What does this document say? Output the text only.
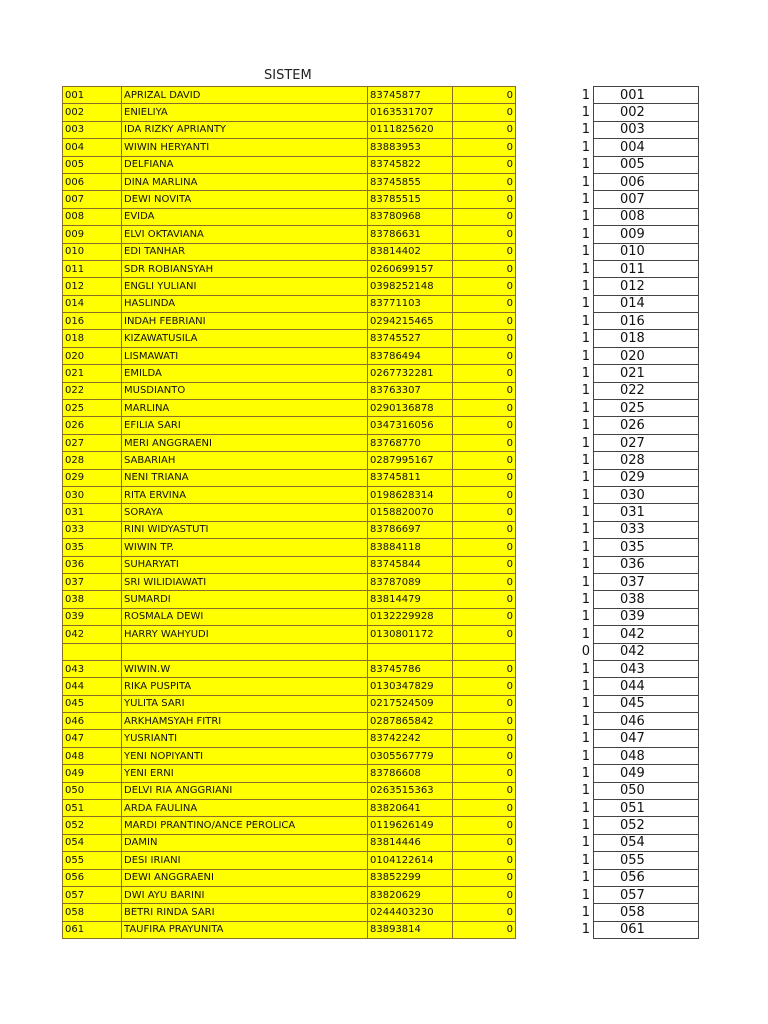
SISTEM
001	APRIZAL DAVID	83745877	0
002	ENIELIYA	0163531707	0
003	IDA RIZKY APRIANTY	0111825620	0
004	WIWIN HERYANTI	83883953	0
005	DELFIANA	83745822	0
006	DINA MARLINA	83745855	0
007	DEWI NOVITA	83785515	0
008	EVIDA	83780968	0
009	ELVI OKTAVIANA	83786631	0
010	EDI TANHAR	83814402	0
011	SDR ROBIANSYAH	0260699157	0
012	ENGLI YULIANI	0398252148	0
014	HASLINDA	83771103	0
016	INDAH FEBRIANI	0294215465	0
018	KIZAWATUSILA	83745527	0
020	LISMAWATI	83786494	0
021	EMILDA	0267732281	0
022	MUSDIANTO	83763307	0
025	MARLINA	0290136878	0
026	EFILIA SARI	0347316056	0
027	MERI ANGGRAENI	83768770	0
028	SABARIAH	0287995167	0
029	NENI TRIANA	83745811	0
030	RITA ERVINA	0198628314	0
031	SORAYA	0158820070	0
033	RINI WIDYASTUTI	83786697	0
035	WIWIN TP.	83884118	0
036	SUHARYATI	83745844	0
037	SRI WILIDIAWATI	83787089	0
038	SUMARDI	83814479	0
039	ROSMALA DEWI	0132229928	0
042	HARRY WAHYUDI	0130801172	0

043	WIWIN.W	83745786	0
044	RIKA PUSPITA	0130347829	0
045	YULITA SARI	0217524509	0
046	ARKHAMSYAH FITRI	0287865842	0
047	YUSRIANTI	83742242	0
048	YENI NOPIYANTI	0305567779	0
049	YENI ERNI	83786608	0
050	DELVI RIA ANGGRIANI	0263515363	0
051	ARDA FAULINA	83820641	0
052	MARDI PRANTINO/ANCE PEROLICA	0119626149	0
054	DAMIN	83814446	0
055	DESI IRIANI	0104122614	0
056	DEWI ANGGRAENI	83852299	0
057	DWI AYU BARINI	83820629	0
058	BETRI RINDA SARI	0244403230	0
061	TAUFIRA PRAYUNITA	83893814	0
1	001
1	002
1	003
1	004
1	005
1	006
1	007
1	008
1	009
1	010
1	011
1	012
1	014
1	016
1	018
1	020
1	021
1	022
1	025
1	026
1	027
1	028
1	029
1	030
1	031
1	033
1	035
1	036
1	037
1	038
1	039
1	042
0	042
1	043
1	044
1	045
1	046
1	047
1	048
1	049
1	050
1	051
1	052
1	054
1	055
1	056
1	057
1	058
1	061
